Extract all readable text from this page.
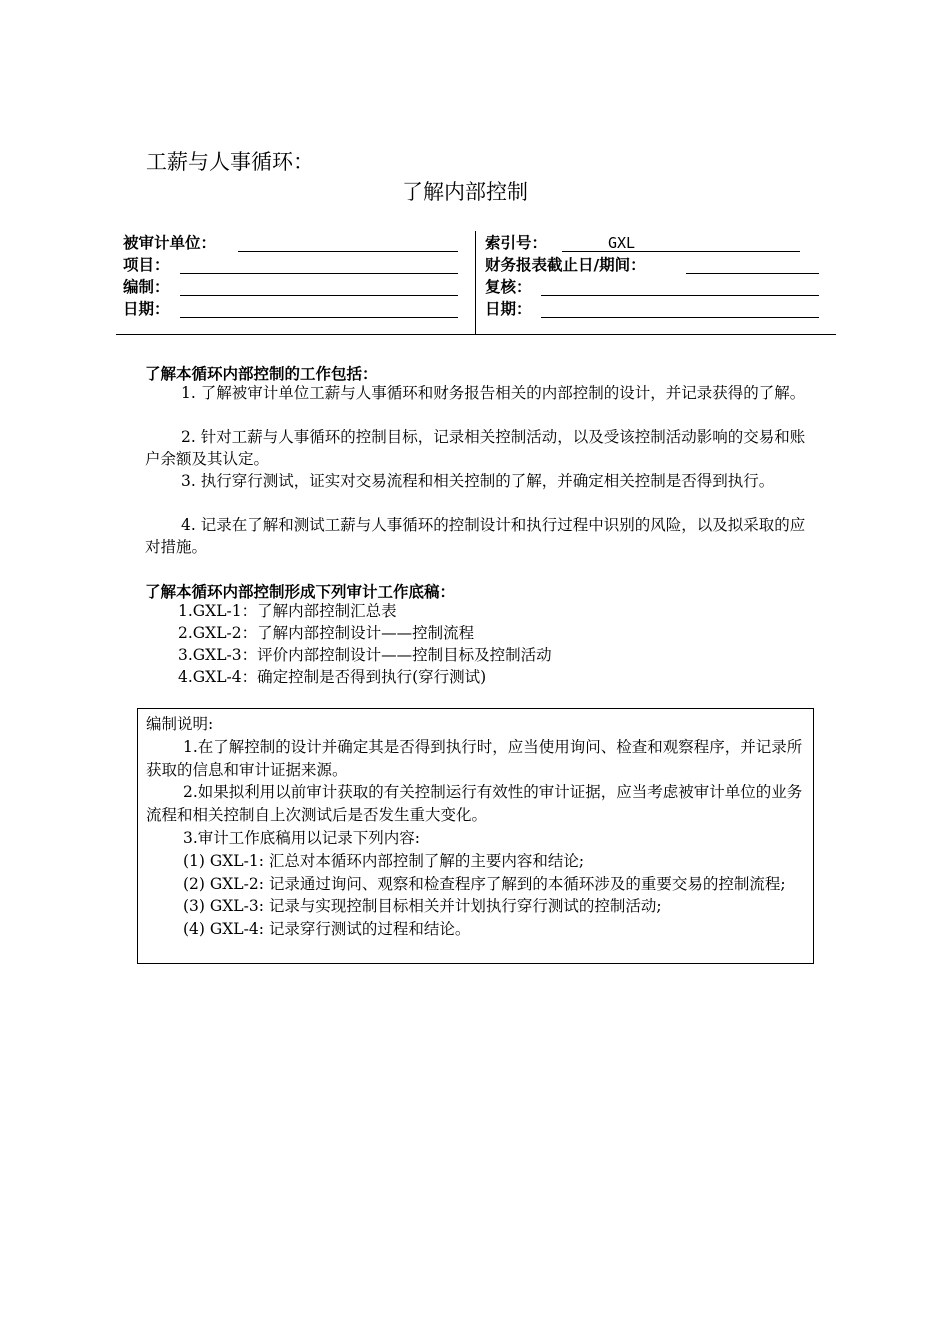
工薪与人事循环：
了解内部控制
被审计单位：
项目：
编制：
日期：
索引号：	GXL
财务报表截止日/期间：
复核：
日期：
了解本循环内部控制的工作包括：
1. 了解被审计单位工薪与人事循环和财务报告相关的内部控制的设计，并记录获得的了解。
2. 针对工薪与人事循环的控制目标，记录相关控制活动，以及受该控制活动影响的交易和账户余额及其认定。
3. 执行穿行测试，证实对交易流程和相关控制的了解，并确定相关控制是否得到执行。
4. 记录在了解和测试工薪与人事循环的控制设计和执行过程中识别的风险，以及拟采取的应对措施。
了解本循环内部控制形成下列审计工作底稿：
1.GXL-1：了解内部控制汇总表
2.GXL-2：了解内部控制设计——控制流程
3.GXL-3：评价内部控制设计——控制目标及控制活动
4.GXL-4：确定控制是否得到执行(穿行测试)
编制说明:
1.在了解控制的设计并确定其是否得到执行时，应当使用询问、检查和观察程序，并记录所获取的信息和审计证据来源。
2.如果拟利用以前审计获取的有关控制运行有效性的审计证据，应当考虑被审计单位的业务流程和相关控制自上次测试后是否发生重大变化。
3.审计工作底稿用以记录下列内容:
(1) GXL-1: 汇总对本循环内部控制了解的主要内容和结论;
(2) GXL-2: 记录通过询问、观察和检查程序了解到的本循环涉及的重要交易的控制流程;
(3) GXL-3: 记录与实现控制目标相关并计划执行穿行测试的控制活动;
(4) GXL-4: 记录穿行测试的过程和结论。
